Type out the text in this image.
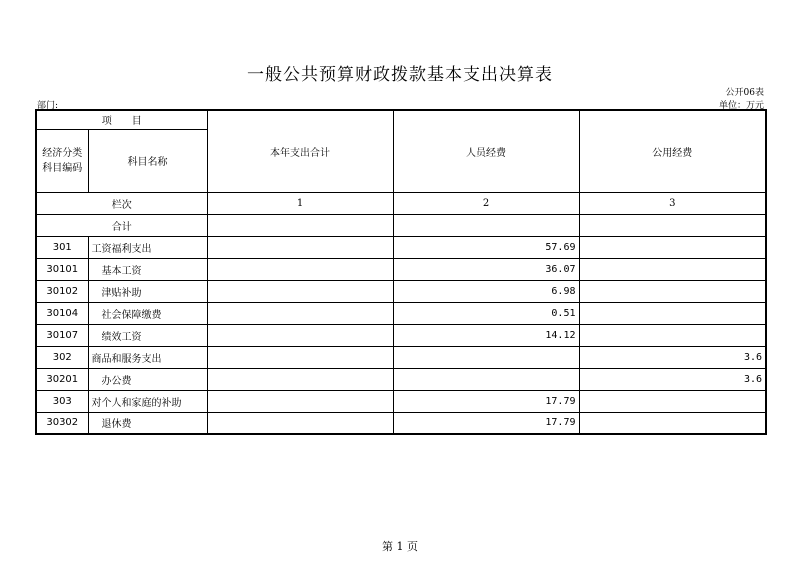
一般公共预算财政拨款基本支出决算表
公开06表
部门:	单位：万元
项　　目		本年支出合计	人员经费	公用经费

经济分类
科目编码	科目名称			
栏次		1	2	3
合计				
301	工资福利支出		57.69	
30101	基本工资		36.07	
30102	津贴补助		6.98	
30104	社会保障缴费		0.51	
30107	绩效工资		14.12	
302	商品和服务支出			3.6
30201	办公费			3.6
303	对个人和家庭的补助		17.79	
30302	退休费		17.79	
第 1 页
